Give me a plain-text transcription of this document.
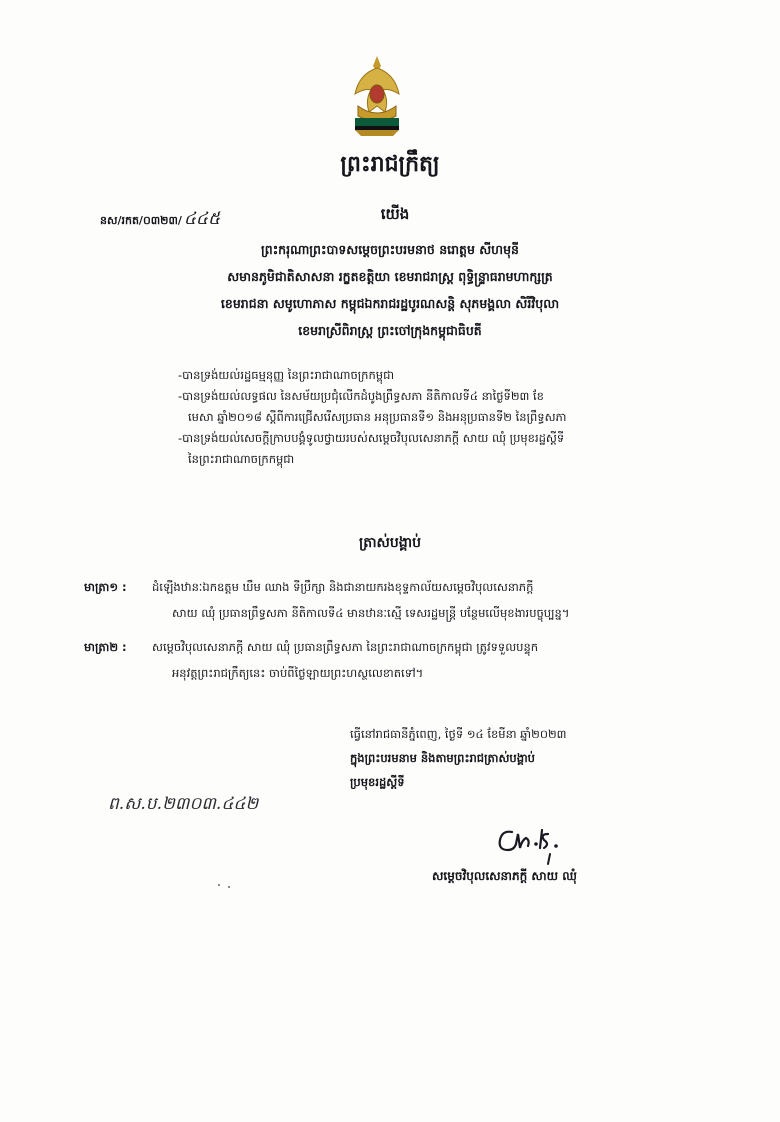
ព្រះរាជក្រឹត្យ
នស/រកត/០៣២៣/ ៤៤៥	យើង
ព្រះករុណាព្រះបាទសម្ដេចព្រះបរមនាថ នរោត្តម សីហមុនី
សមានភូមិជាតិសាសនា រក្ខតខត្តិយា ខេមរាជរាស្ត្រ ពុទ្ធិន្ទ្រាធរាមហាក្សត្រ
ខេមរាជនា សមូហោភាស កម្ពុជឯករាជរដ្ឋបូរណសន្តិ សុភមង្គលា សិរីវិបុលា
ខេមរាស្រីពិរាស្ត្រ ព្រះចៅក្រុងកម្ពុជាធិបតី
-បានទ្រង់យល់រដ្ឋធម្មនុញ្ញ នៃព្រះរាជាណាចក្រកម្ពុជា
-បានទ្រង់យល់លទ្ធផល នៃសម័យប្រជុំលើកដំបូងព្រឹទ្ធសភា នីតិកាលទី៤ នាថ្ងៃទី២៣ ខែ
មេសា ឆ្នាំ២០១៨ ស្ដីពីការជ្រើសរើសប្រធាន អនុប្រធានទី១ និងអនុប្រធានទី២ នៃព្រឹទ្ធសភា
-បានទ្រង់យល់សេចក្ដីក្រាបបង្គំទូលថ្វាយរបស់សម្ដេចវិបុលសេនាភក្ដី សាយ ឈុំ ប្រមុខរដ្ឋស្ដីទី
នៃព្រះរាជាណាចក្រកម្ពុជា
ត្រាស់បង្គាប់
មាត្រា១ : ដំឡើងឋានៈឯកឧត្តម ឃឹម ឈាង ទីប្រឹក្សា និងជានាយករងខុទ្ទកាល័យសម្ដេចវិបុលសេនាភក្ដី
សាយ ឈុំ ប្រធានព្រឹទ្ធសភា នីតិកាលទី៤ មានឋានៈស្មើ ទេសរដ្ឋមន្ត្រី បន្ថែមលើមុខងារបច្ចុប្បន្ន។
មាត្រា២ : សម្ដេចវិបុលសេនាភក្ដី សាយ ឈុំ ប្រធានព្រឹទ្ធសភា នៃព្រះរាជាណាចក្រកម្ពុជា ត្រូវទទួលបន្ទុក
អនុវត្តព្រះរាជក្រឹត្យនេះ ចាប់ពីថ្ងៃឡាយព្រះហស្ថលេខាតទៅ។
ធ្វើនៅរាជធានីភ្នំពេញ, ថ្ងៃទី ១៤ ខែមីនា ឆ្នាំ២០២៣
ក្នុងព្រះបរមនាម និងតាមព្រះរាជត្រាស់បង្គាប់
ប្រមុខរដ្ឋស្ដីទី
ព.ស.ប.២៣០៣.៤៤២
សម្ដេចវិបុលសេនាភក្ដី សាយ ឈុំ
